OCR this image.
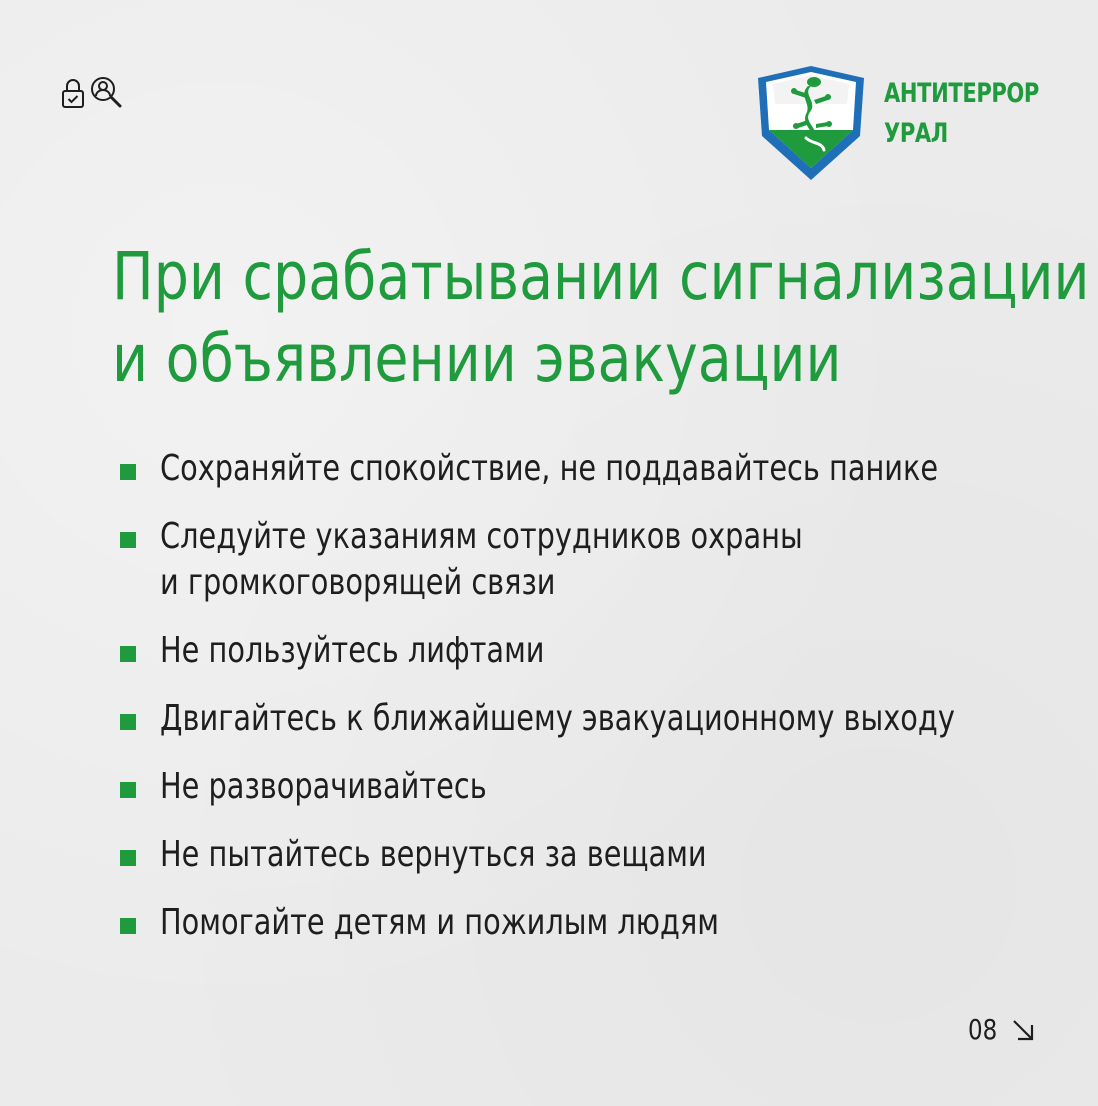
АНТИТЕРРОР
УРАЛ
При срабатывании сигнализации
и объявлении эвакуации
Сохраняйте спокойствие, не поддавайтесь панике
Следуйте указаниям сотрудников охраны
и громкоговорящей связи
Не пользуйтесь лифтами
Двигайтесь к ближайшему эвакуационному выходу
Не разворачивайтесь
Не пытайтесь вернуться за вещами
Помогайте детям и пожилым людям
08
